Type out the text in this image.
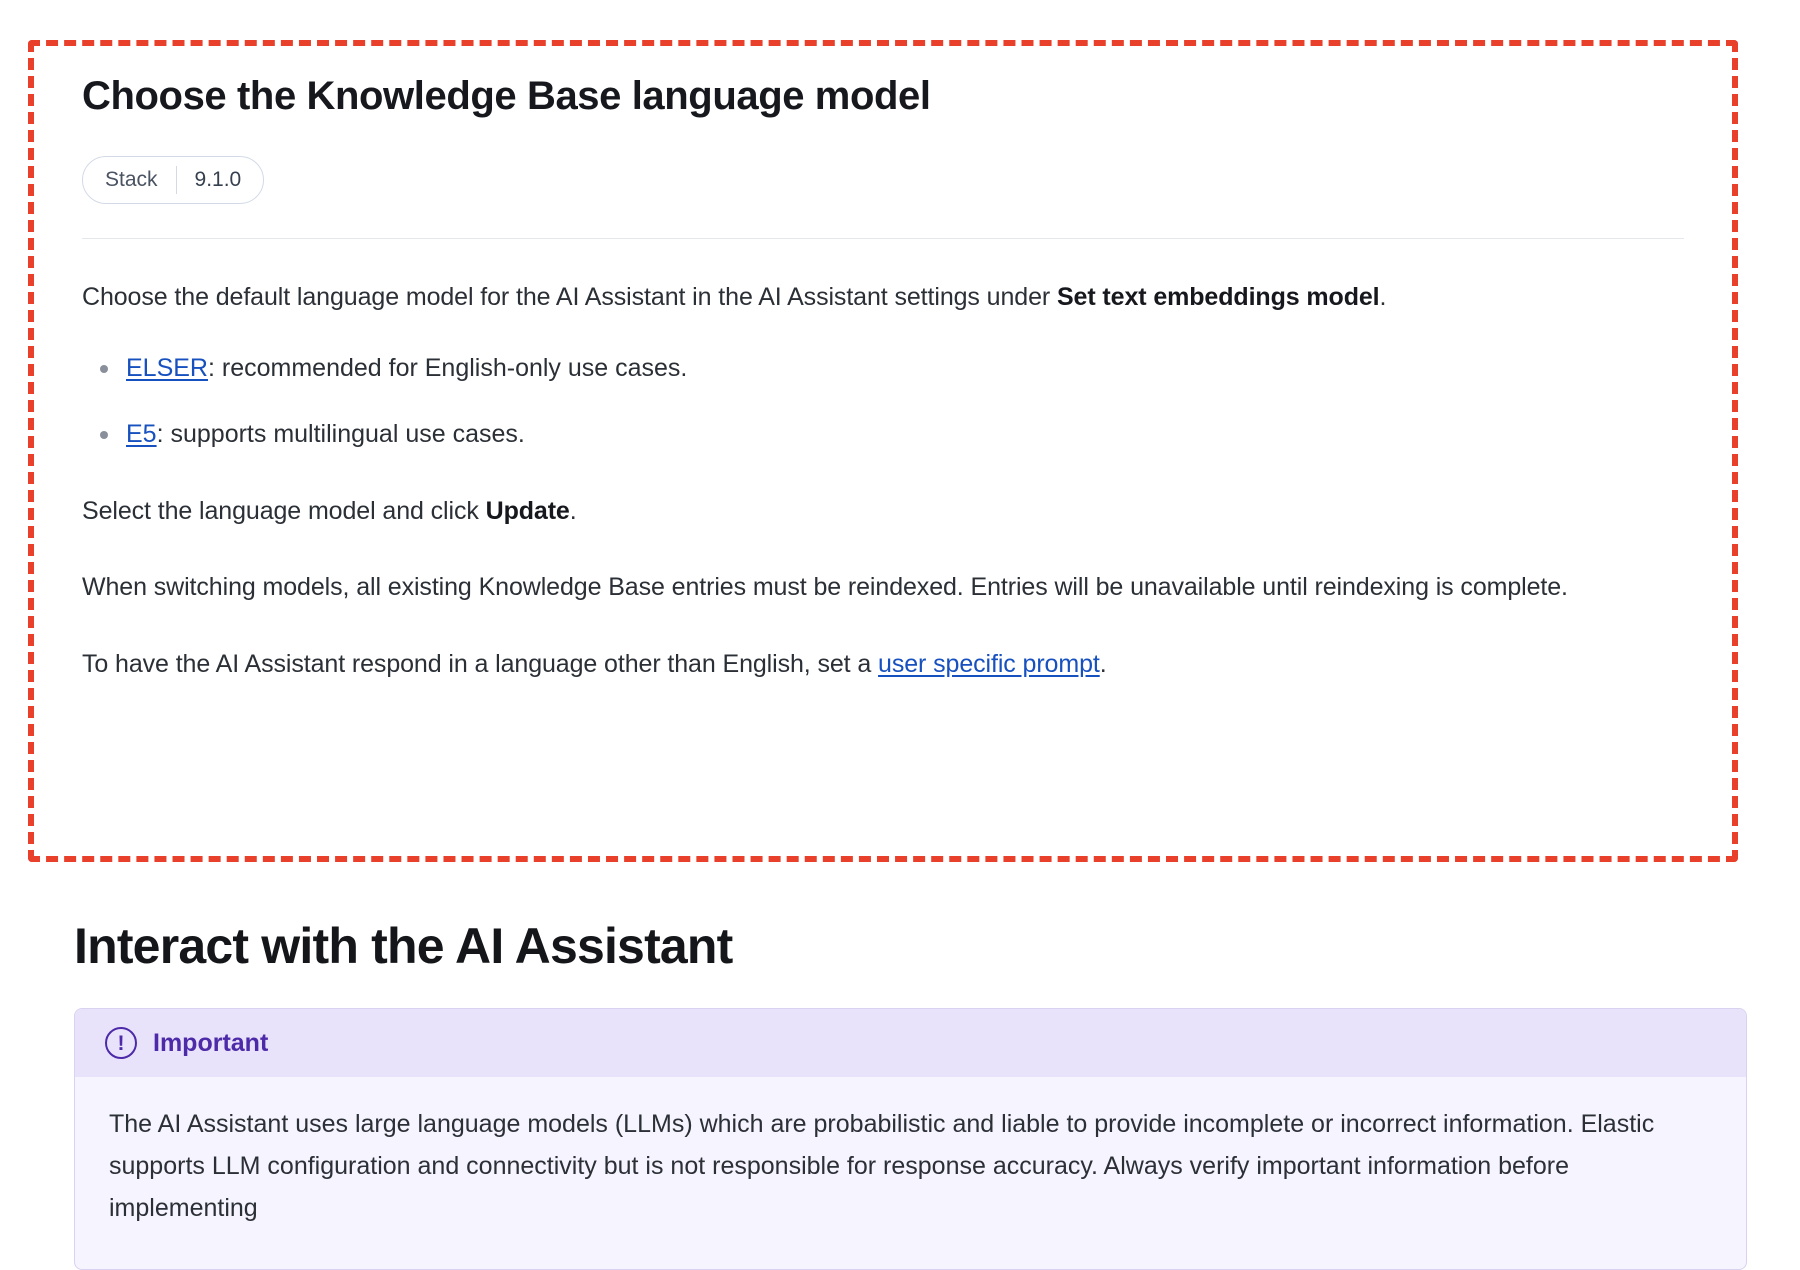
Choose the Knowledge Base language model
Stack 9.1.0

Choose the default language model for the AI Assistant in the AI Assistant settings under Set text embeddings model.

ELSER: recommended for English-only use cases.
E5: supports multilingual use cases.

Select the language model and click Update.

When switching models, all existing Knowledge Base entries must be reindexed. Entries will be unavailable until reindexing is complete.

To have the AI Assistant respond in a language other than English, set a user specific prompt.

Interact with the AI Assistant
!	Important

The AI Assistant uses large language models (LLMs) which are probabilistic and liable to provide incomplete or incorrect information. Elastic supports LLM configuration and connectivity but is not responsible for response accuracy. Always verify important information before implementing
